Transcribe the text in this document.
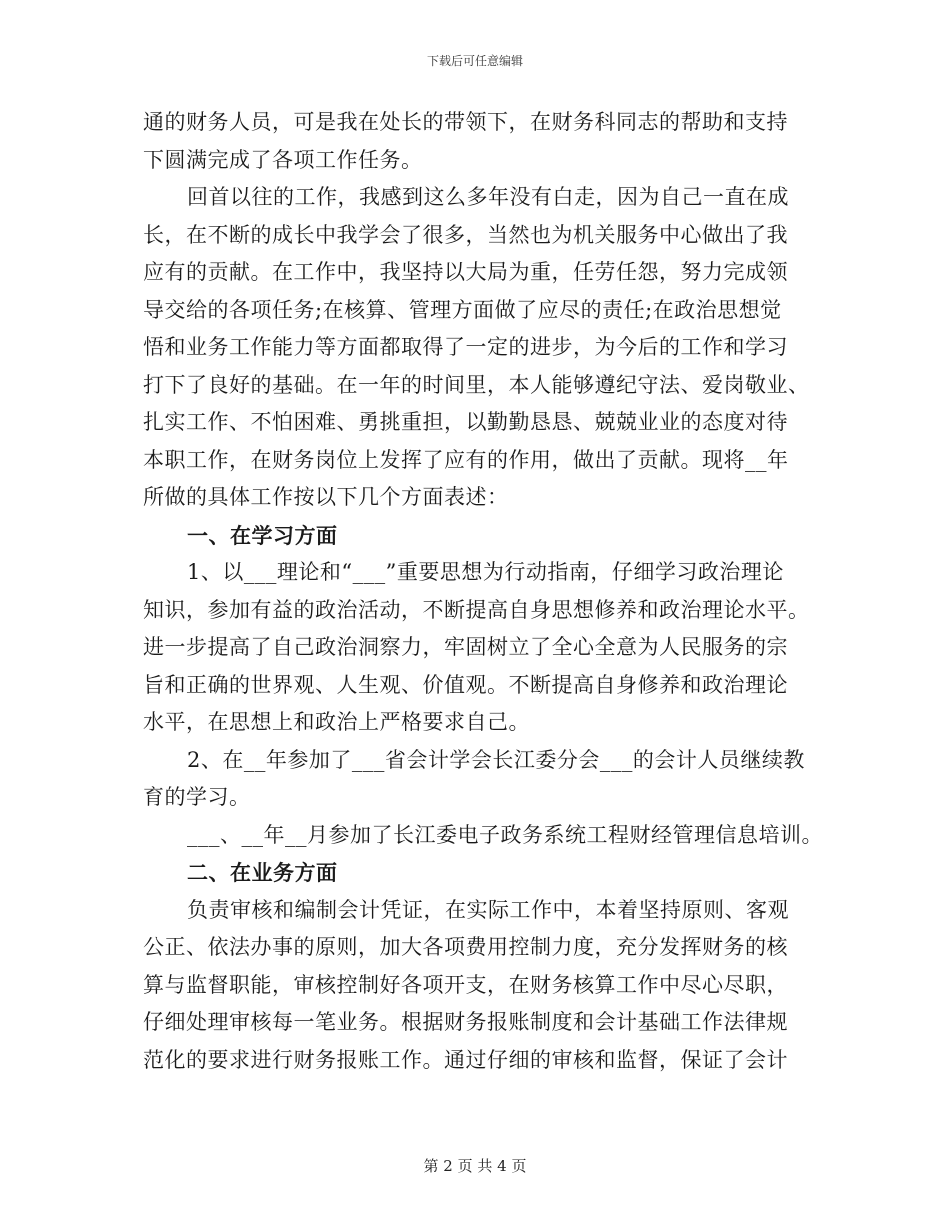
下载后可任意编辑
通的财务人员，可是我在处长的带领下，在财务科同志的帮助和支持
下圆满完成了各项工作任务。
回首以往的工作，我感到这么多年没有白走，因为自己一直在成
长，在不断的成长中我学会了很多，当然也为机关服务中心做出了我
应有的贡献。在工作中，我坚持以大局为重，任劳任怨，努力完成领
导交给的各项任务;在核算、管理方面做了应尽的责任;在政治思想觉
悟和业务工作能力等方面都取得了一定的进步，为今后的工作和学习
打下了良好的基础。在一年的时间里，本人能够遵纪守法、爱岗敬业、
扎实工作、不怕困难、勇挑重担，以勤勤恳恳、兢兢业业的态度对待
本职工作，在财务岗位上发挥了应有的作用，做出了贡献。现将__年
所做的具体工作按以下几个方面表述：
一、在学习方面
1、以___理论和“___”重要思想为行动指南，仔细学习政治理论
知识，参加有益的政治活动，不断提高自身思想修养和政治理论水平。
进一步提高了自己政治洞察力，牢固树立了全心全意为人民服务的宗
旨和正确的世界观、人生观、价值观。不断提高自身修养和政治理论
水平，在思想上和政治上严格要求自己。
2、在__年参加了___省会计学会长江委分会___的会计人员继续教
育的学习。
___、__年__月参加了长江委电子政务系统工程财经管理信息培训。
二、在业务方面
负责审核和编制会计凭证，在实际工作中，本着坚持原则、客观
公正、依法办事的原则，加大各项费用控制力度，充分发挥财务的核
算与监督职能，审核控制好各项开支，在财务核算工作中尽心尽职，
仔细处理审核每一笔业务。根据财务报账制度和会计基础工作法律规
范化的要求进行财务报账工作。通过仔细的审核和监督，保证了会计
第 2 页 共 4 页
